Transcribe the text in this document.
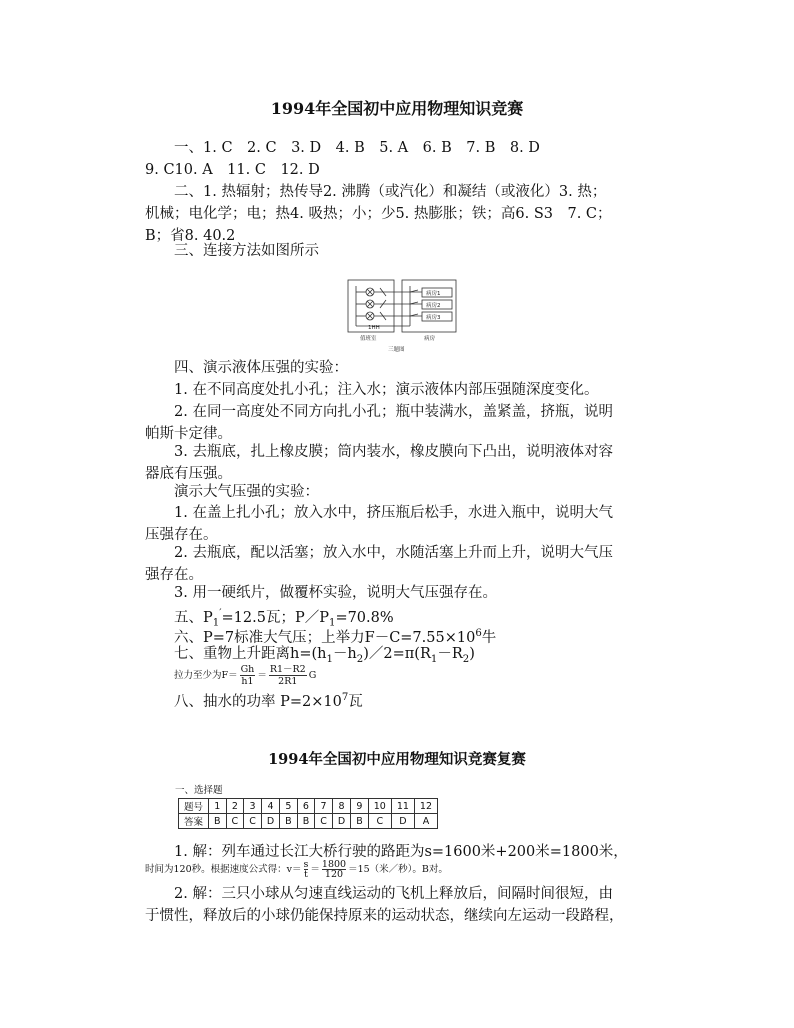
1994年全国初中应用物理知识竞赛
一、1. C　2. C　3. D　4. B　5. A　6. B　7. B　8. D
9. C10. A　11. C　12. D
二、1. 热辐射；热传导2. 沸腾（或汽化）和凝结（或液化）3. 热；
机械；电化学；电；热4. 吸热；小；少5. 热膨胀；铁；高6. S3　7. C；
B；省8. 40.2
三、连接方法如图所示
病房1
病房2
病房3
1HH
值班室	病房
三题图
四、演示液体压强的实验：
1. 在不同高度处扎小孔；注入水；演示液体内部压强随深度变化。
2. 在同一高度处不同方向扎小孔；瓶中装满水，盖紧盖，挤瓶，说明
帕斯卡定律。
3. 去瓶底，扎上橡皮膜；筒内装水，橡皮膜向下凸出，说明液体对容
器底有压强。
演示大气压强的实验：
1. 在盖上扎小孔；放入水中，挤压瓶后松手，水进入瓶中，说明大气
压强存在。
2. 去瓶底，配以活塞；放入水中，水随活塞上升而上升，说明大气压
强存在。
3. 用一硬纸片，做覆杯实验，说明大气压强存在。
五、$P_1'=12.5$瓦；$P/P_1=70.8\%$
六、P=7标准大气压；上举力$F-C=7.55\times 10^6$牛
七、重物上升距离$h=(h_1-h_2)/2=\pi(R_1-R_2)$
拉力至少为$F= \frac{Gh}{h1} = \frac{R1-R2}{2R1}$ G
八、抽水的功率 $P=2\times 10^7$瓦
1994年全国初中应用物理知识竞赛复赛
一、选择题
题号	1	2	3	4	5	6	7	8	9	10	11	12
答案	B	C	C	D	B	B	C	D	B	C	D	A
1. 解：列车通过长江大桥行驶的路距为s=1600米+200米=1800米，
时间为120秒。根据速度公式得：$v= \frac{s}{t} = \frac{1800}{120} =15$（米／秒）。B对。
2. 解：三只小球从匀速直线运动的飞机上释放后，间隔时间很短，由
于惯性，释放后的小球仍能保持原来的运动状态，继续向左运动一段路程，
